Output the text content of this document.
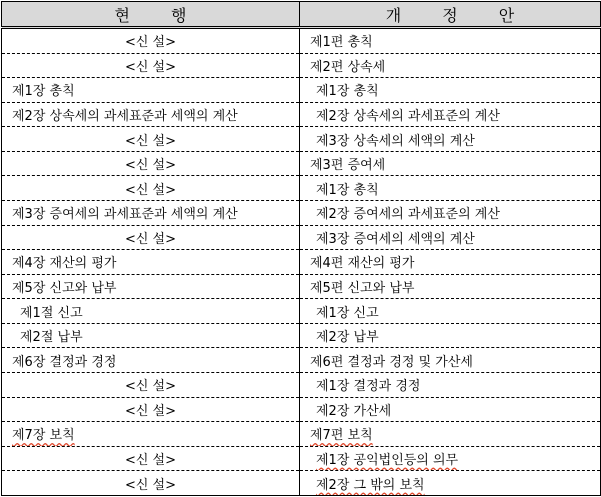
현 행	개 정 안
<신 설>	제1편 총칙
<신 설>	제2편 상속세
제1장 총칙	제1장 총칙
제2장 상속세의 과세표준과 세액의 계산	제2장 상속세의 과세표준의 계산
<신 설>	제3장 상속세의 세액의 계산
<신 설>	제3편 증여세
<신 설>	제1장 총칙
제3장 증여세의 과세표준과 세액의 계산	제2장 증여세의 과세표준의 계산
<신 설>	제3장 증여세의 세액의 계산
제4장 재산의 평가	제4편 재산의 평가
제5장 신고와 납부	제5편 신고와 납부
제1절 신고	제1장 신고
제2절 납부	제2장 납부
제6장 결정과 경정	제6편 결정과 경정 및 가산세
<신 설>	제1장 결정과 경정
<신 설>	제2장 가산세
제7장 보칙	제7편 보칙
<신 설>	제1장 공익법인등의 의무
<신 설>	제2장 그 밖의 보칙
